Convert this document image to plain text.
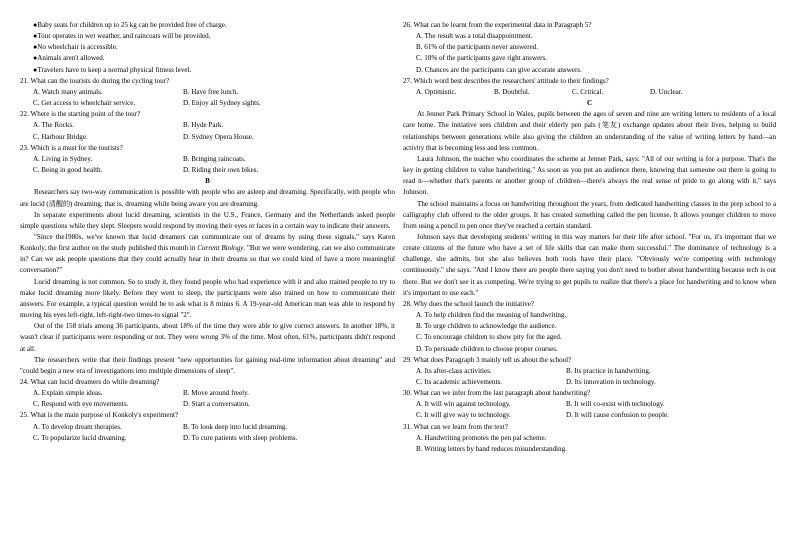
●Baby seats for children up to 25 kg can be provided free of charge.
●Tour operates in wet weather, and raincoats will be provided.
●No wheelchair is accessible.
●Animals aren't allowed.
●Travelers have to keep a normal physical fitness level.
21. What can the tourists do during the cycling tour?
A. Watch many animals.	B. Have free lunch.
C. Get access to wheelchair service.	D. Enjoy all Sydney sights.
22. Where is the starting point of the tour?
A. The Rocks.	B. Hyde Park.
C. Harbour Bridge.	D. Sydney Opera House.
23. Which is a must for the tourists?
A. Living in Sydney.	B. Bringing raincoats.
C. Being in good health.	D. Riding their own bikes.
B

Researchers say two-way communication is possible with people who are asleep and dreaming. Specifically, with people who are lucid (清醒的) dreaming, that is, dreaming while being aware you are dreaming.

In separate experiments about lucid dreaming, scientists in the U.S., France, Germany and the Netherlands asked people simple questions while they slept. Sleepers would respond by moving their eyes or faces in a certain way to indicate their answers.

"Since the1980s, we've known that lucid dreamers can communicate out of dreams by using these signals," says Karen Konkoly, the first author on the study published this month in Current Biology. "But we were wondering, can we also communicate in? Can we ask people questions that they could actually hear in their dreams so that we could kind of have a more meaningful conversation?"

Lucid dreaming is not common. So to study it, they found people who had experience with it and also trained people to try to make lucid dreaming more likely. Before they went to sleep, the participants were also trained on how to communicate their answers. For example, a typical question would be to ask what is 8 minus 6. A 19-year-old American man was able to respond by moving his eyes left-right, left-right-two times-to signal "2".

Out of the 158 trials among 36 participants, about 18% of the time they were able to give correct answers. In another 18%, it wasn't clear if participants were responding or not. They were wrong 3% of the time. Most often, 61%, participants didn't respond at all.

The researchers write that their findings present "new opportunities for gaining real-time information about dreaming" and "could begin a new era of investigations into multiple dimensions of sleep".

24. What can lucid dreamers do while dreaming?
A. Explain simple ideas.	B. Move around freely.
C. Respond with eye movements.	D. Start a conversation.
25. What is the main purpose of Konkoly's experiment?
A. To develop dream therapies.	B. To look deep into lucid dreaming.
C. To popularize lucid dreaming.	D. To cure patients with sleep problems.
26. What can be learnt from the experimental data in Paragraph 5?
A. The result was a total disappointment.
B. 61% of the participants never answered.
C. 18% of the participants gave right answers.
D. Chances are the participants can give accurate answers.
27. Which word best describes the researchers' attitude to their findings?
A. Optimistic.	B. Doubtful.	C. Critical.	D. Unclear.
C

At Jenner Park Primary School in Wales, pupils between the ages of seven and nine are writing letters to residents of a local care home. The initiative sees children and their elderly pen pals (笔友) exchange updates about their lives, helping to build relationships between generations while also giving the children an understanding of the value of writing letters by hand—an activity that is becoming less and less common.

Laura Johnson, the teacher who coordinates the scheme at Jenner Park, says: "All of our writing is for a purpose. That's the key in getting children to value handwriting." As soon as you put an audience there, knowing that someone out there is going to read it—whether that's parents or another group of children—there's always the real sense of pride to go along with it," says Johnson.

The school maintains a focus on handwriting throughout the years, from dedicated handwriting classes in the prep school to a calligraphy club offered to the older groups. It has created something called the pen license. It allows younger children to move from using a pencil to pen once they've reached a certain standard.

Johnson says that developing students' writing in this way matters for their life after school. "For us, it's important that we create citizens of the future who have a set of life skills that can make them successful." The dominance of technology is a challenge, she admits, but she also believes both tools have their place. "Obviously we're competing with technology continuously." she says. "And I know there are people there saying you don't need to bother about handwriting because tech is out there. But we don't see it as competing. We're trying to get pupils to realize that there's a place for handwriting and to know when it's important to use each."

28. Why does the school launch the initiative?
A. To help children find the meaning of handwriting.
B. To urge children to acknowledge the audience.
C. To encourage children to show pity for the aged.
D. To persuade children to choose proper courses.
29. What does Paragraph 3 mainly tell us about the school?
A. Its after-class activities.	B. Its practice in handwriting.
C. Its academic achievements.	D. Its innovation in technology.
30. What can we infer from the last paragraph about handwriting?
A. It will win against technology.	B. It will co-exist with technology.
C. It will give way to technology.	D. It will cause confusion to people.
31. What can we learn from the text?
A. Handwriting promotes the pen pal scheme.
B. Writing letters by hand reduces misunderstanding.
